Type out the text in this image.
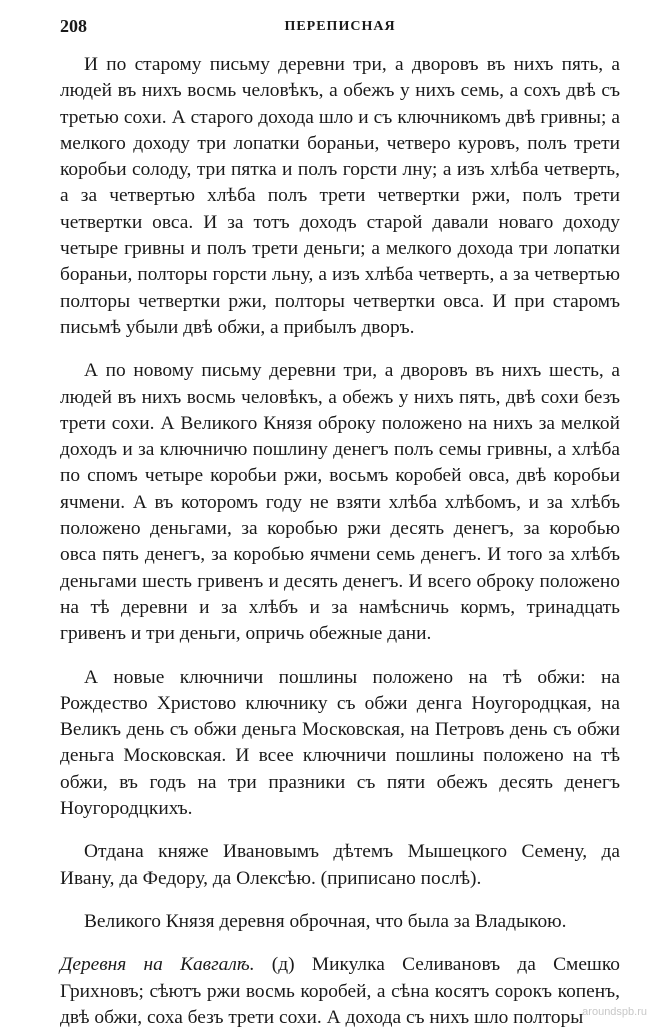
208	ПЕРЕПИСНАЯ

И по старому письму деревни три, а дворовъ въ нихъ пять, а людей въ нихъ восмь человѣкъ, а обежъ у нихъ семь, а сохъ двѣ съ третью сохи. А старого дохода шло и съ ключникомъ двѣ гривны; а мелкого доходу три лопатки бораньи, четверо куровъ, полъ трети коробьи солоду, три пятка и полъ горсти лну; а изъ хлѣба четверть, а за четвертью хлѣба полъ трети четвертки ржи, полъ трети четвертки овса. И за тотъ доходъ старой давали новаго доходу четыре гривны и полъ трети деньги; а мелкого дохода три лопатки бораньи, полторы горсти льну, а изъ хлѣба четверть, а за четвертью полторы четвертки ржи, полторы четвертки овса. И при старомъ письмѣ убыли двѣ обжи, а прибылъ дворъ.

А по новому письму деревни три, а дворовъ въ нихъ шесть, а людей въ нихъ восмь человѣкъ, а обежъ у нихъ пять, двѣ сохи безъ трети сохи. А Великого Князя оброку положено на нихъ за мелкой доходъ и за ключничю пошлину денегъ полъ семы гривны, а хлѣба по спомъ четыре коробьи ржи, восьмъ коробей овса, двѣ коробьи ячмени. А въ которомъ году не взяти хлѣба хлѣбомъ, и за хлѣбъ положено деньгами, за коробью ржи десять денегъ, за коробью овса пять денегъ, за коробью ячмени семь денегъ. И того за хлѣбъ деньгами шесть гривенъ и десять денегъ. И всего оброку положено на тѣ деревни и за хлѣбъ и за намѣсничь кормъ, тринадцать гривенъ и три деньги, опричь обежные дани.

А новые ключничи пошлины положено на тѣ обжи: на Рождество Христово ключнику съ обжи денга Ноугородцкая, на Великъ день съ обжи деньга Московская, на Петровъ день съ обжи деньга Московская. И всее ключничи пошлины положено на тѣ обжи, въ годъ на три празники съ пяти обежъ десять денегъ Ноугородцкихъ.

Отдана княже Ивановымъ дѣтемъ Мышецкого Семену, да Ивану, да Федору, да Олексѣю. (приписано послѣ).

Великого Князя деревня оброчная, что была за Владыкою.

Деревня на Кавгалѣ. (д) Микулка Селивановъ да Смешко Грихновъ; сѣютъ ржи восмь коробей, а сѣна косятъ сорокъ копенъ, двѣ обжи, соха безъ трети сохи. А дохода съ нихъ шло полторы

aroundspb.ru
